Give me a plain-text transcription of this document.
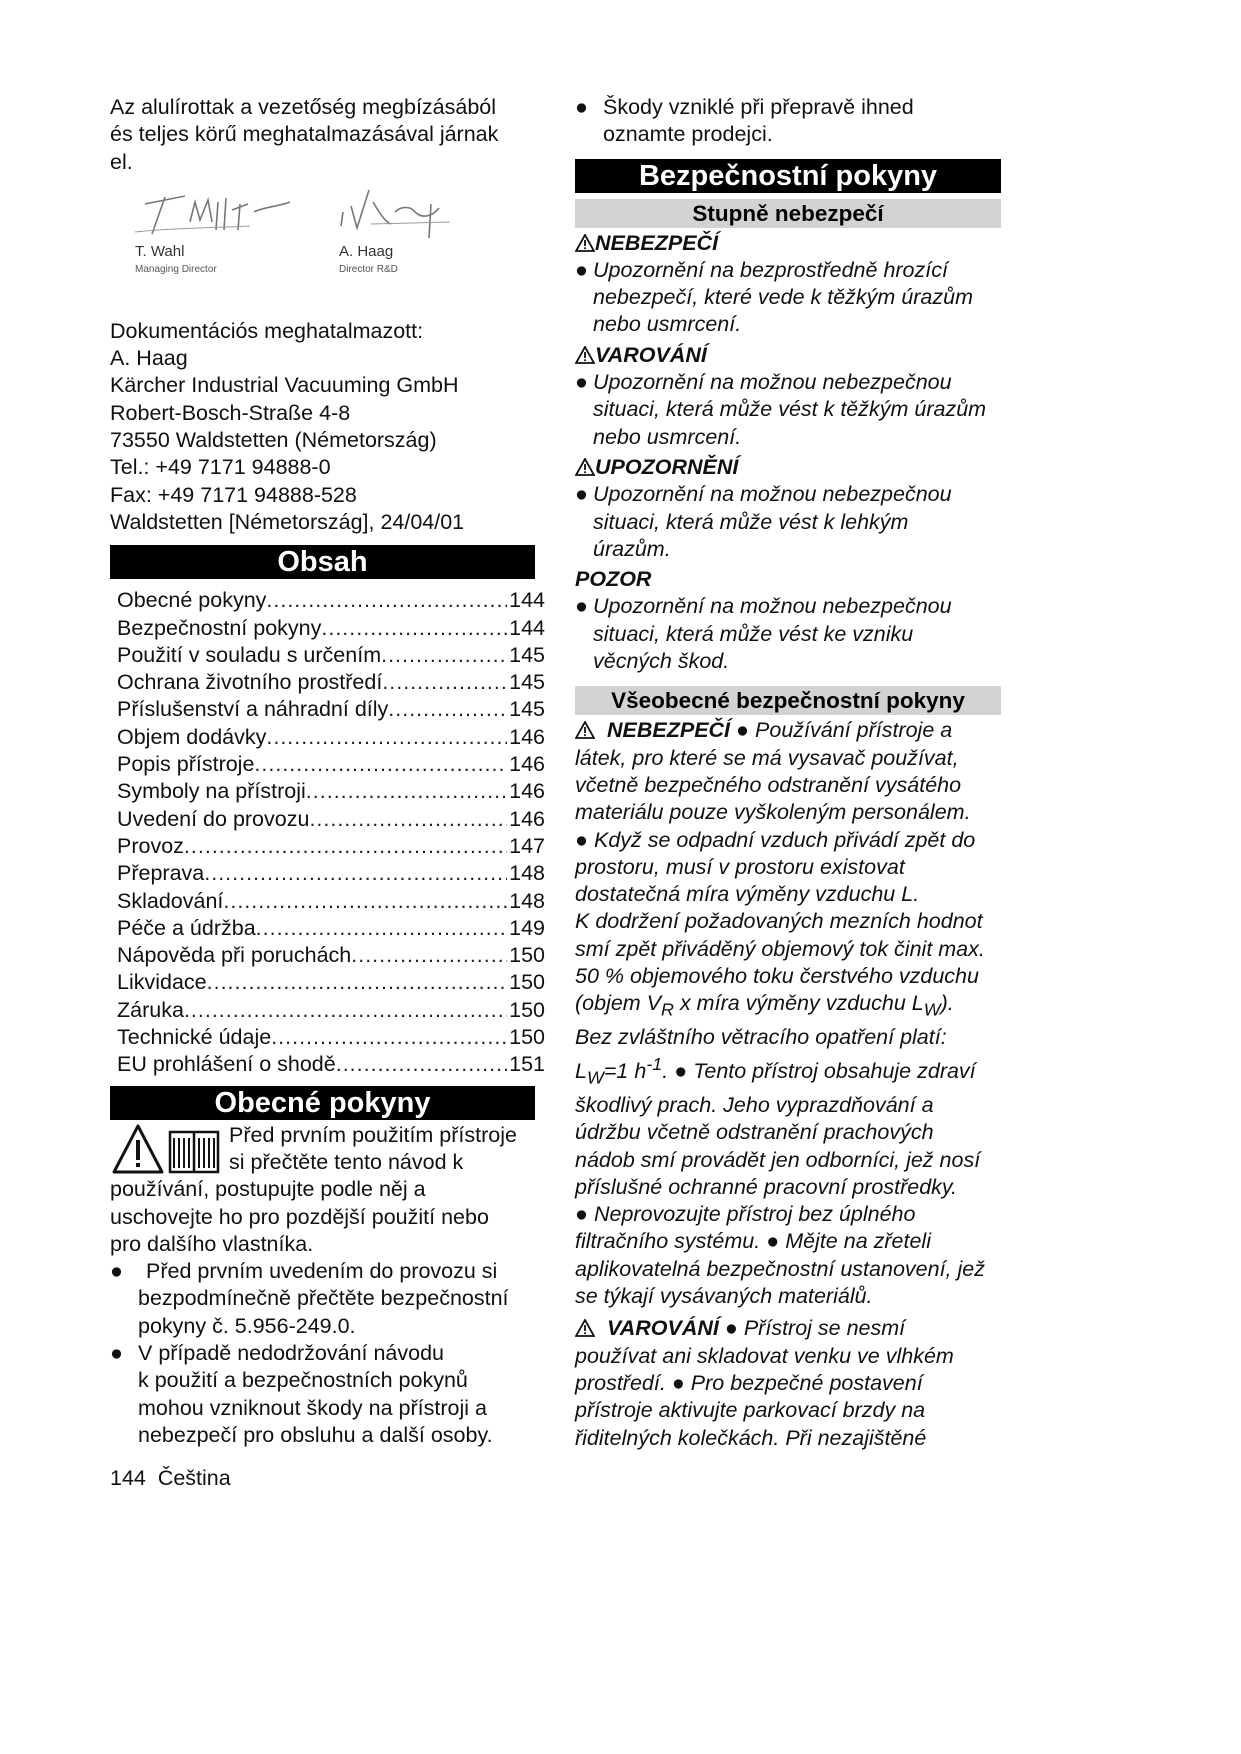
Az alulírottak a vezetőség megbízásából
és teljes körű meghatalmazásával járnak
el.
T. Wahl
Managing Director
A. Haag
Director R&D
Dokumentációs meghatalmazott:
A. Haag
Kärcher Industrial Vacuuming GmbH
Robert-Bosch-Straße 4-8
73550 Waldstetten (Németország)
Tel.: +49 7171 94888-0
Fax: +49 7171 94888-528
Waldstetten [Németország], 24/04/01
Obsah
Obecné pokyny .....	144
Bezpečnostní pokyny .....	144
Použití v souladu s určením .....	145
Ochrana životního prostředí .....	145
Příslušenství a náhradní díly .....	145
Objem dodávky .....	146
Popis přístroje .....	146
Symboly na přístroji .....	146
Uvedení do provozu .....	146
Provoz .....	147
Přeprava .....	148
Skladování .....	148
Péče a údržba .....	149
Nápověda při poruchách .....	150
Likvidace .....	150
Záruka .....	150
Technické údaje .....	150
EU prohlášení o shodě .....	151
Obecné pokyny
Před prvním použitím přístroje
si přečtěte tento návod k
používání, postupujte podle něj a
uschovejte ho pro pozdější použití nebo
pro dalšího vlastníka.
●	Před prvním uvedením do provozu si
bezpodmínečně přečtěte bezpečnostní
pokyny č. 5.956-249.0.
● V případě nedodržování návodu
k použití a bezpečnostních pokynů
mohou vzniknout škody na přístroji a
nebezpečí pro obsluhu a další osoby.
● Škody vzniklé při přepravě ihned
oznamte prodejci.
Bezpečnostní pokyny
Stupně nebezpečí
NEBEZPEČÍ
● Upozornění na bezprostředně hrozící
nebezpečí, které vede k těžkým úrazům
nebo usmrcení.
VAROVÁNÍ
● Upozornění na možnou nebezpečnou
situaci, která může vést k těžkým úrazům
nebo usmrcení.
UPOZORNĚNÍ
● Upozornění na možnou nebezpečnou
situaci, která může vést k lehkým
úrazům.
POZOR
● Upozornění na možnou nebezpečnou
situaci, která může vést ke vzniku
věcných škod.
Všeobecné bezpečnostní pokyny
NEBEZPEČÍ ● Používání přístroje a
látek, pro které se má vysavač používat,
včetně bezpečného odstranění vysátého
materiálu pouze vyškoleným personálem.
● Když se odpadní vzduch přivádí zpět do
prostoru, musí v prostoru existovat
dostatečná míra výměny vzduchu L.
K dodržení požadovaných mezních hodnot
smí zpět přiváděný objemový tok činit max.
50 % objemového toku čerstvého vzduchu
(objem $V_R$ x míra výměny vzduchu $L_W$).
Bez zvláštního větracího opatření platí:
$L_W=1$ $h^{-1}$. ● Tento přístroj obsahuje zdraví
škodlivý prach. Jeho vyprazdňování a
údržbu včetně odstranění prachových
nádob smí provádět jen odborníci, jež nosí
příslušné ochranné pracovní prostředky.
● Neprovozujte přístroj bez úplného
filtračního systému. ● Mějte na zřeteli
aplikovatelná bezpečnostní ustanovení, jež
se týkají vysávaných materiálů.
VAROVÁNÍ ● Přístroj se nesmí
používat ani skladovat venku ve vlhkém
prostředí. ● Pro bezpečné postavení
přístroje aktivujte parkovací brzdy na
řiditelných kolečkách. Při nezajištěné
144 Čeština
